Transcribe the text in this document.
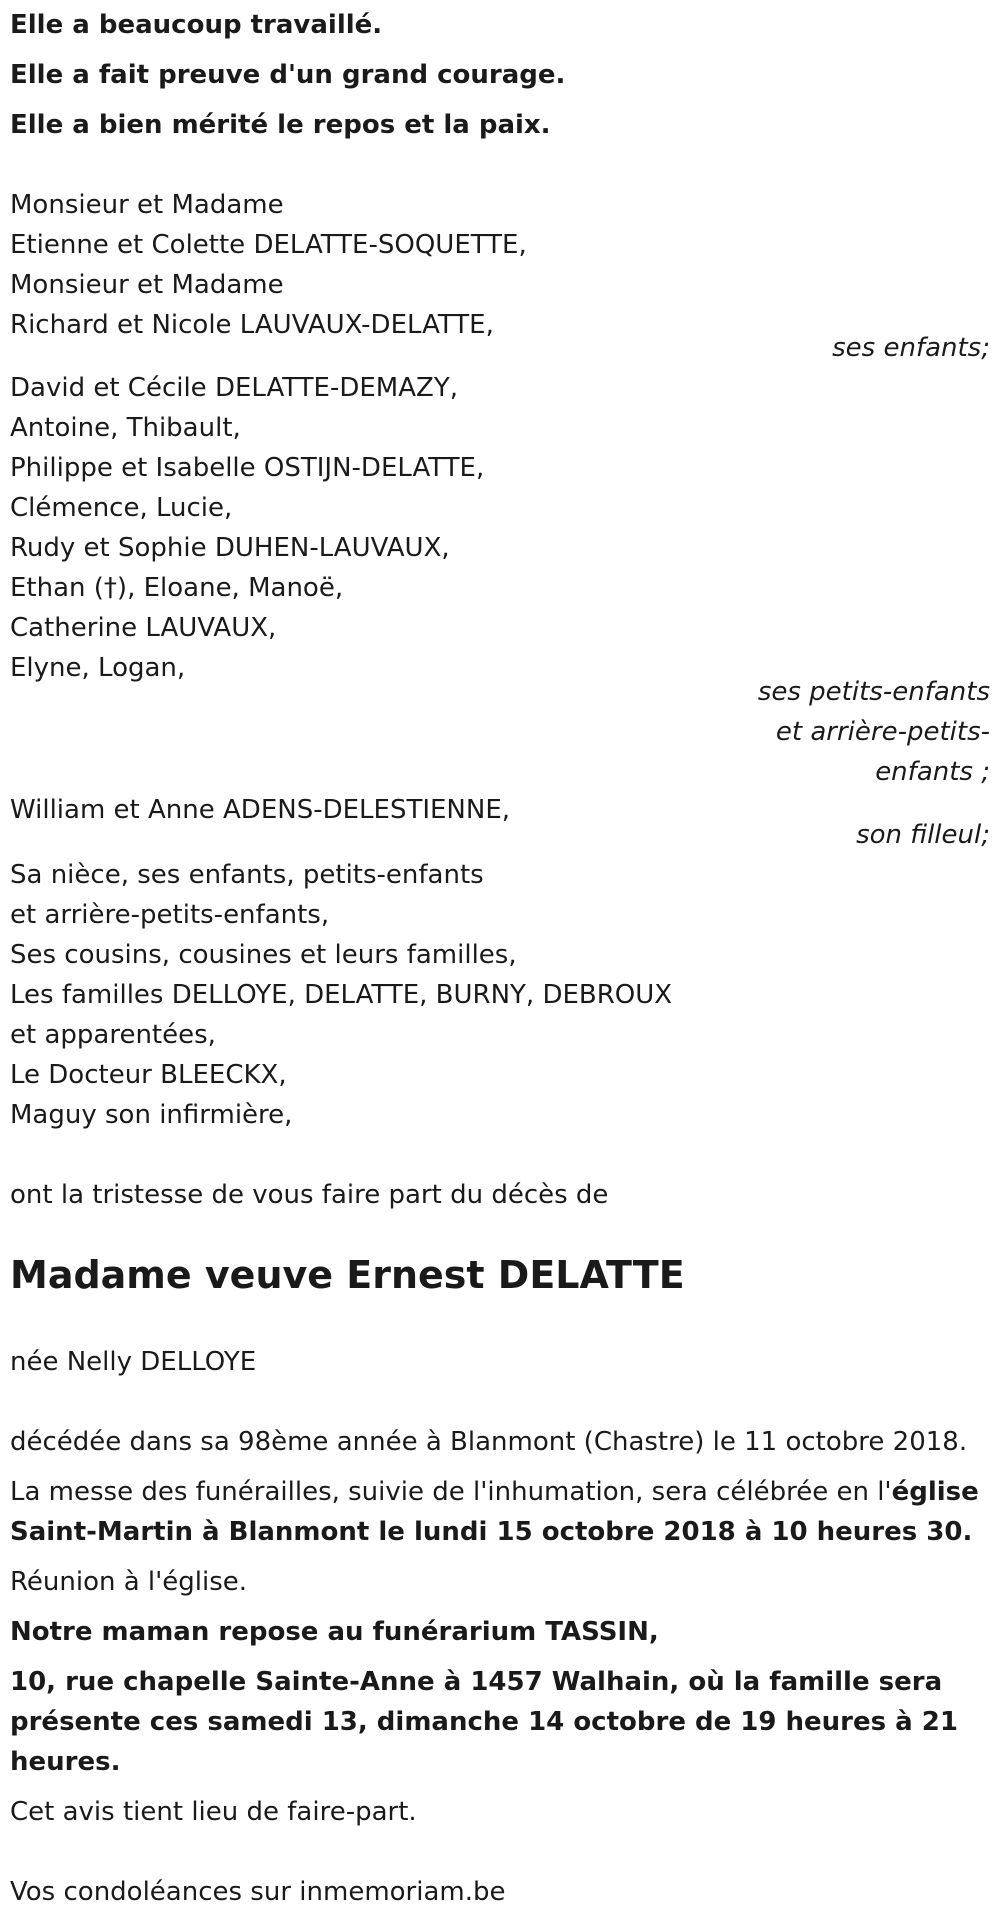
Elle a beaucoup travaillé.
Elle a fait preuve d'un grand courage.
Elle a bien mérité le repos et la paix.
Monsieur et Madame
Etienne et Colette DELATTE-SOQUETTE,
Monsieur et Madame
Richard et Nicole LAUVAUX-DELATTE,
ses enfants;
David et Cécile DELATTE-DEMAZY,
Antoine, Thibault,
Philippe et Isabelle OSTIJN-DELATTE,
Clémence, Lucie,
Rudy et Sophie DUHEN-LAUVAUX,
Ethan (†), Eloane, Manoë,
Catherine LAUVAUX,
Elyne, Logan,
ses petits-enfants
et arrière-petits-
enfants ;
William et Anne ADENS-DELESTIENNE,
son filleul;
Sa nièce, ses enfants, petits-enfants
et arrière-petits-enfants,
Ses cousins, cousines et leurs familles,
Les familles DELLOYE, DELATTE, BURNY, DEBROUX
et apparentées,
Le Docteur BLEECKX,
Maguy son infirmière,
ont la tristesse de vous faire part du décès de
Madame veuve Ernest DELATTE
née Nelly DELLOYE
décédée dans sa 98ème année à Blanmont (Chastre) le 11 octobre 2018.
La messe des funérailles, suivie de l'inhumation, sera célébrée en l'église
Saint-Martin à Blanmont le lundi 15 octobre 2018 à 10 heures 30.
Réunion à l'église.
Notre maman repose au funérarium TASSIN,
10, rue chapelle Sainte-Anne à 1457 Walhain, où la famille sera
présente ces samedi 13, dimanche 14 octobre de 19 heures à 21
heures.
Cet avis tient lieu de faire-part.
Vos condoléances sur inmemoriam.be
